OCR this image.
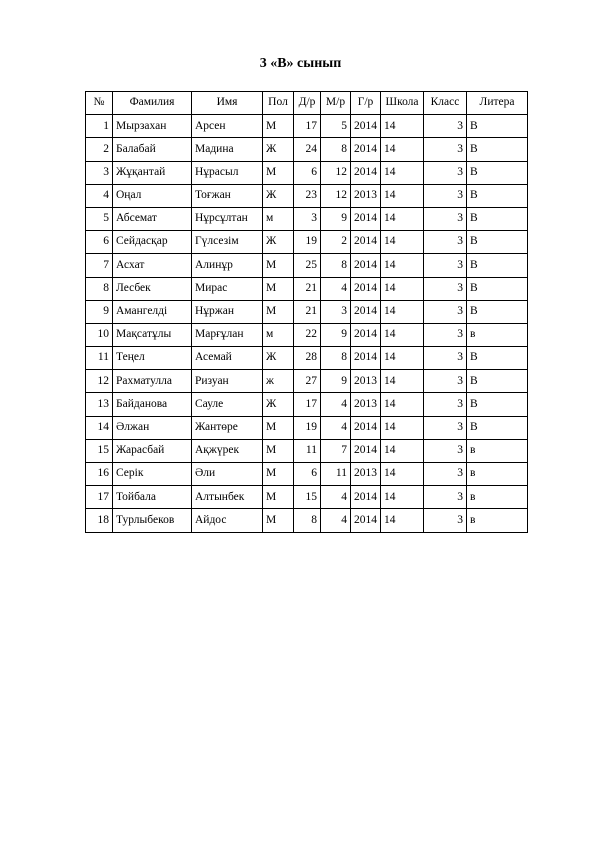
3 «В» сынып
№	Фамилия	Имя	Пол	Д/р	М/р	Г/р	Школа	Класс	Литера
1	Мырзахан	Арсен	М	17	5	2014	14	3	В
2	Балабай	Мадина	Ж	24	8	2014	14	3	В
3	Жұқантай	Нұрасыл	М	6	12	2014	14	3	В
4	Оңал	Тоғжан	Ж	23	12	2013	14	3	В
5	Абсемат	Нұрсұлтан	м	3	9	2014	14	3	В
6	Сейдасқар	Гүлсезім	Ж	19	2	2014	14	3	В
7	Асхат	Алинұр	М	25	8	2014	14	3	В
8	Лесбек	Мирас	М	21	4	2014	14	3	В
9	Амангелді	Нұржан	М	21	3	2014	14	3	В
10	Мақсатұлы	Марғұлан	м	22	9	2014	14	3	в
11	Теңел	Асемай	Ж	28	8	2014	14	3	В
12	Рахматулла	Ризуан	ж	27	9	2013	14	3	В
13	Байданова	Сауле	Ж	17	4	2013	14	3	В
14	Әлжан	Жантөре	М	19	4	2014	14	3	В
15	Жарасбай	Ақжүрек	М	11	7	2014	14	3	в
16	Серік	Әли	М	6	11	2013	14	3	в
17	Тойбала	Алтынбек	М	15	4	2014	14	3	в
18	Турлыбеков	Айдос	М	8	4	2014	14	3	в
